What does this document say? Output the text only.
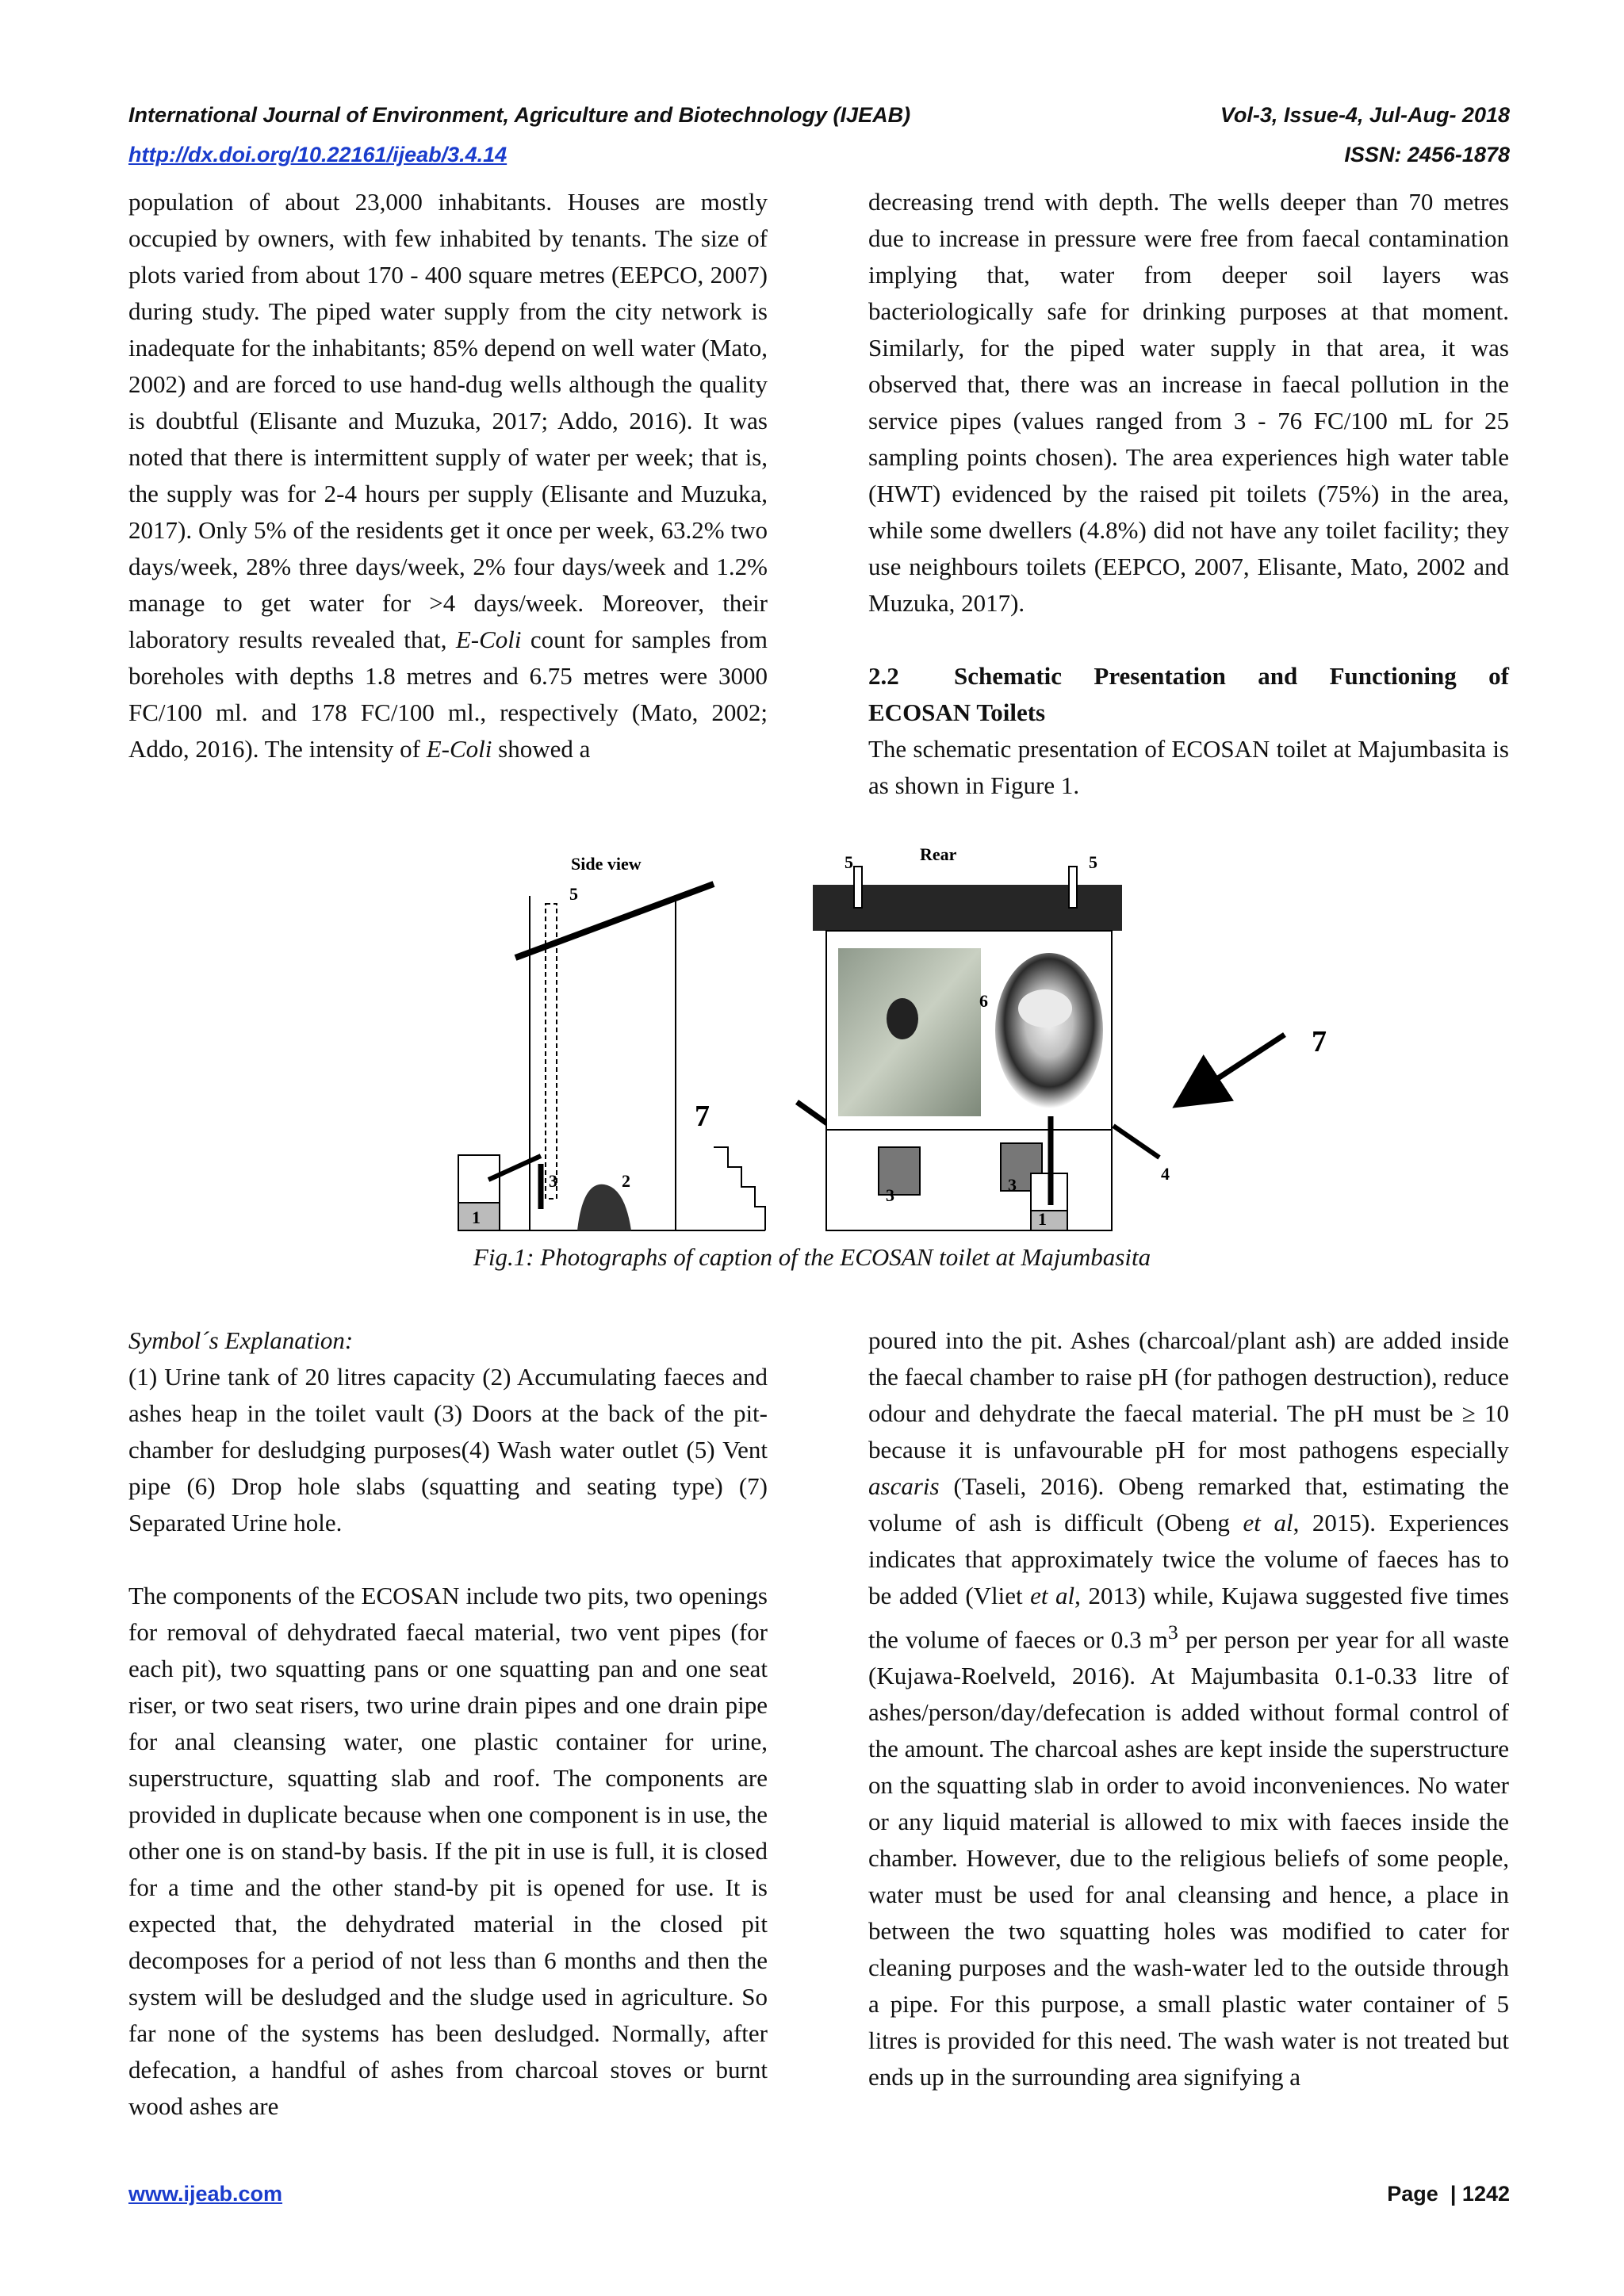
International Journal of Environment, Agriculture and Biotechnology (IJEAB)	Vol-3, Issue-4, Jul-Aug- 2018
http://dx.doi.org/10.22161/ijeab/3.4.14	ISSN: 2456-1878

population of about 23,000 inhabitants. Houses are mostly occupied by owners, with few inhabited by tenants. The size of plots varied from about 170 - 400 square metres (EEPCO, 2007) during study. The piped water supply from the city network is inadequate for the inhabitants; 85% depend on well water (Mato, 2002) and are forced to use hand-dug wells although the quality is doubtful (Elisante and Muzuka, 2017; Addo, 2016). It was noted that there is intermittent supply of water per week; that is, the supply was for 2-4 hours per supply (Elisante and Muzuka, 2017). Only 5% of the residents get it once per week, 63.2% two days/week, 28% three days/week, 2% four days/week and 1.2% manage to get water for >4 days/week. Moreover, their laboratory results revealed that, E-Coli count for samples from boreholes with depths 1.8 metres and 6.75 metres were 3000 FC/100 ml. and 178 FC/100 ml., respectively (Mato, 2002; Addo, 2016). The intensity of E-Coli showed a

decreasing trend with depth. The wells deeper than 70 metres due to increase in pressure were free from faecal contamination implying that, water from deeper soil layers was bacteriologically safe for drinking purposes at that moment. Similarly, for the piped water supply in that area, it was observed that, there was an increase in faecal pollution in the service pipes (values ranged from 3 - 76 FC/100 mL for 25 sampling points chosen). The area experiences high water table (HWT) evidenced by the raised pit toilets (75%) in the area, while some dwellers (4.8%) did not have any toilet facility; they use neighbours toilets (EEPCO, 2007, Elisante, Mato, 2002 and Muzuka, 2017).

2.2 Schematic Presentation and Functioning of ECOSAN Toilets

The schematic presentation of ECOSAN toilet at Majumbasita is as shown in Figure 1.

Side view
5
1
3	2
7
Rear
5	5
6
3
3
1
4
7
Fig.1: Photographs of caption of the ECOSAN toilet at Majumbasita

Symbol´s Explanation:

(1) Urine tank of 20 litres capacity (2) Accumulating faeces and ashes heap in the toilet vault (3) Doors at the back of the pit-chamber for desludging purposes(4) Wash water outlet (5) Vent pipe (6) Drop hole slabs (squatting and seating type) (7) Separated Urine hole.

The components of the ECOSAN include two pits, two openings for removal of dehydrated faecal material, two vent pipes (for each pit), two squatting pans or one squatting pan and one seat riser, or two seat risers, two urine drain pipes and one drain pipe for anal cleansing water, one plastic container for urine, superstructure, squatting slab and roof. The components are provided in duplicate because when one component is in use, the other one is on stand-by basis. If the pit in use is full, it is closed for a time and the other stand-by pit is opened for use. It is expected that, the dehydrated material in the closed pit decomposes for a period of not less than 6 months and then the system will be desludged and the sludge used in agriculture. So far none of the systems has been desludged. Normally, after defecation, a handful of ashes from charcoal stoves or burnt wood ashes are

poured into the pit. Ashes (charcoal/plant ash) are added inside the faecal chamber to raise pH (for pathogen destruction), reduce odour and dehydrate the faecal material. The pH must be ≥ 10 because it is unfavourable pH for most pathogens especially ascaris (Taseli, 2016). Obeng remarked that, estimating the volume of ash is difficult (Obeng et al, 2015). Experiences indicates that approximately twice the volume of faeces has to be added (Vliet et al, 2013) while, Kujawa suggested five times the volume of faeces or 0.3 $m^3$ per person per year for all waste (Kujawa-Roelveld, 2016). At Majumbasita 0.1-0.33 litre of ashes/person/day/defecation is added without formal control of the amount. The charcoal ashes are kept inside the superstructure on the squatting slab in order to avoid inconveniences. No water or any liquid material is allowed to mix with faeces inside the chamber. However, due to the religious beliefs of some people, water must be used for anal cleansing and hence, a place in between the two squatting holes was modified to cater for cleaning purposes and the wash-water led to the outside through a pipe. For this purpose, a small plastic water container of 5 litres is provided for this need. The wash water is not treated but ends up in the surrounding area signifying a

www.ijeab.com	Page | 1242
